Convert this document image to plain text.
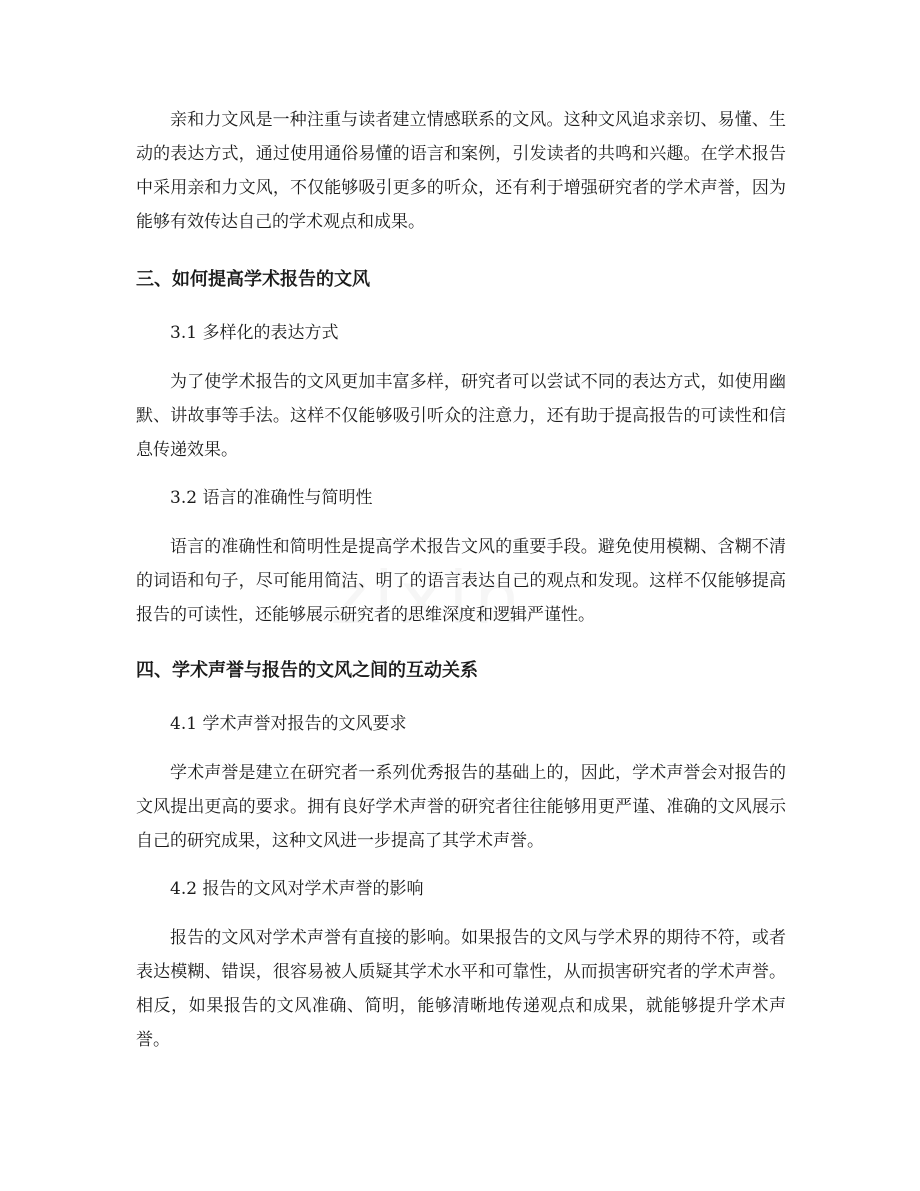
亲和力文风是一种注重与读者建立情感联系的文风。这种文风追求亲切、易懂、生动的表达方式，通过使用通俗易懂的语言和案例，引发读者的共鸣和兴趣。在学术报告中采用亲和力文风，不仅能够吸引更多的听众，还有利于增强研究者的学术声誉，因为能够有效传达自己的学术观点和成果。

三、如何提高学术报告的文风

3.1 多样化的表达方式

为了使学术报告的文风更加丰富多样，研究者可以尝试不同的表达方式，如使用幽默、讲故事等手法。这样不仅能够吸引听众的注意力，还有助于提高报告的可读性和信息传递效果。

3.2 语言的准确性与简明性

语言的准确性和简明性是提高学术报告文风的重要手段。避免使用模糊、含糊不清的词语和句子，尽可能用简洁、明了的语言表达自己的观点和发现。这样不仅能够提高报告的可读性，还能够展示研究者的思维深度和逻辑严谨性。

四、学术声誉与报告的文风之间的互动关系

4.1 学术声誉对报告的文风要求

学术声誉是建立在研究者一系列优秀报告的基础上的，因此，学术声誉会对报告的文风提出更高的要求。拥有良好学术声誉的研究者往往能够用更严谨、准确的文风展示自己的研究成果，这种文风进一步提高了其学术声誉。

4.2 报告的文风对学术声誉的影响

报告的文风对学术声誉有直接的影响。如果报告的文风与学术界的期待不符，或者表达模糊、错误，很容易被人质疑其学术水平和可靠性，从而损害研究者的学术声誉。相反，如果报告的文风准确、简明，能够清晰地传递观点和成果，就能够提升学术声誉。
